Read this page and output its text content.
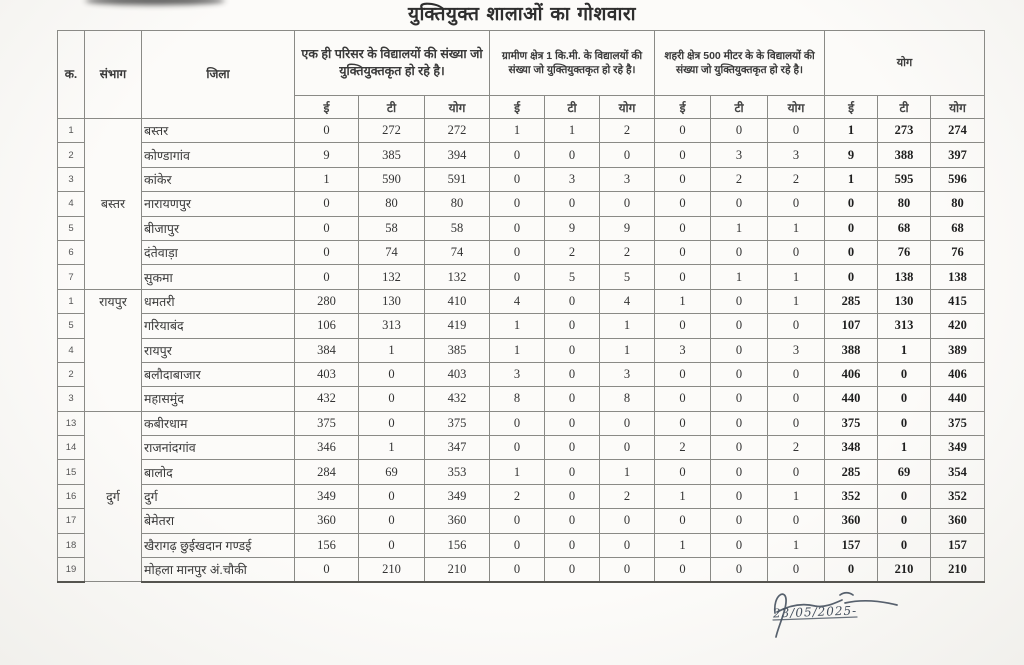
युक्तियुक्त शालाओं का गोशवारा
क.	संभाग	जिला	एक ही परिसर के विद्यालयों की संख्या जो युक्तियुक्तकृत हो रहे है।			ग्रामीण क्षेत्र 1 कि.मी. के विद्यालयों की संख्या जो युक्तियुक्तकृत हो रहे है।			शहरी क्षेत्र 500 मीटर के के विद्यालयों की संख्या जो युक्तियुक्तकृत हो रहे है।			योग		
			ई	टी	योग	ई	टी	योग	ई	टी	योग	ई	टी	योग
1	बस्तर	बस्तर	0	272	272	1	1	2	0	0	0	1	273	274
2		कोण्डागांव	9	385	394	0	0	0	0	3	3	9	388	397
3		कांकेर	1	590	591	0	3	3	0	2	2	1	595	596
4		नारायणपुर	0	80	80	0	0	0	0	0	0	0	80	80
5		बीजापुर	0	58	58	0	9	9	0	1	1	0	68	68
6		दंतेवाड़ा	0	74	74	0	2	2	0	0	0	0	76	76
7		सुकमा	0	132	132	0	5	5	0	1	1	0	138	138
1	रायपुर	धमतरी	280	130	410	4	0	4	1	0	1	285	130	415
5		गरियाबंद	106	313	419	1	0	1	0	0	0	107	313	420
4		रायपुर	384	1	385	1	0	1	3	0	3	388	1	389
2		बलौदाबाजार	403	0	403	3	0	3	0	0	0	406	0	406
3		महासमुंद	432	0	432	8	0	8	0	0	0	440	0	440
13	दुर्ग	कबीरधाम	375	0	375	0	0	0	0	0	0	375	0	375
14		राजनांदगांव	346	1	347	0	0	0	2	0	2	348	1	349
15		बालोद	284	69	353	1	0	1	0	0	0	285	69	354
16		दुर्ग	349	0	349	2	0	2	1	0	1	352	0	352
17		बेमेतरा	360	0	360	0	0	0	0	0	0	360	0	360
18		खैरागढ़ छुईखदान गण्डई	156	0	156	0	0	0	1	0	1	157	0	157
19		मोहला मानपुर अं.चौकी	0	210	210	0	0	0	0	0	0	0	210	210
23/05/2025-
